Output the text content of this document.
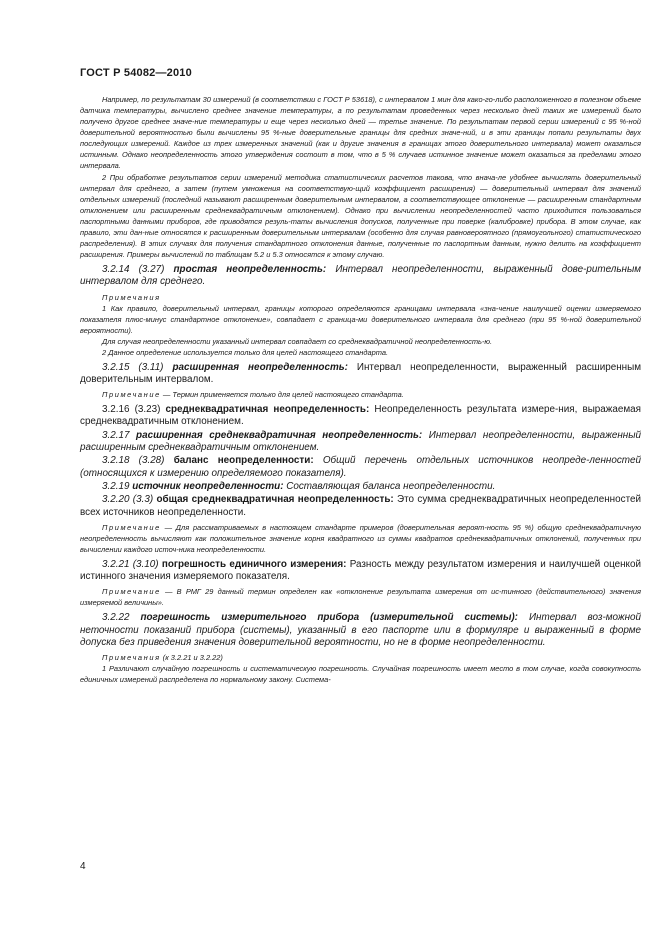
ГОСТ Р 54082—2010

Например, по результатам 30 измерений (в соответствии с ГОСТ Р 53618), с интервалом 1 мин для како-го-либо расположенного в полезном объеме датчика температуры, вычислено среднее значение температуры, а по результатам проведенных через несколько дней таких же измерений было получено другое среднее значе-ние температуры и еще через несколько дней — третье значение. По результатам первой серии измерений с 95 %-ной доверительной вероятностью были вычислены 95 %-ные доверительные границы для средних значе-ний, и в эти границы попали результаты двух последующих измерений. Каждое из трех измеренных значений (как и другие значения в границах этого доверительного интервала) может оказаться истинным. Однако неопределенность этого утверждения состоит в том, что в 5 % случаев истинное значение может оказаться за пределами этого интервала.

2 При обработке результатов серии измерений методика статистических расчетов такова, что внача-ле удобнее вычислять доверительный интервал для среднего, а затем (путем умножения на соответствую-щий коэффициент расширения) — доверительный интервал для значений отдельных измерений (последний называют расширенным доверительным интервалом, а соответствующее отклонение — расширенным стандартным отклонением или расширенным среднеквадратичным отклонением). Однако при вычислении неопределенностей часто приходится пользоваться паспортными данными приборов, где приводятся резуль-таты вычисления допусков, полученные при поверке (калибровке) прибора. В этом случае, как правило, эти дан-ные относятся к расширенным доверительным интервалам (особенно для случая равновероятного (прямоугольного) статистического распределения). В этих случаях для получения стандартного отклонения данные, полученные по паспортным данным, нужно делить на коэффициент расширения. Примеры вычислений по таблицам 5.2 и 5.3 относятся к этому случаю.

3.2.14 (3.27) простая неопределенность: Интервал неопределенности, выраженный дове-рительным интервалом для среднего.

Примечания

1 Как правило, доверительный интервал, границы которого определяются границами интервала «зна-чение наилучшей оценки измеряемого показателя плюс-минус стандартное отклонение», совпадает с граница-ми доверительного интервала для среднего (при 95 %-ной доверительной вероятности).

Для случая неопределенности указанный интервал совпадает со среднеквадратичной неопределенность-ю.

2 Данное определение используется только для целей настоящего стандарта.

3.2.15 (3.11) расширенная неопределенность: Интервал неопределенности, выраженный расширенным доверительным интервалом.

Примечание — Термин применяется только для целей настоящего стандарта.

3.2.16 (3.23) среднеквадратичная неопределенность: Неопределенность результата измере-ния, выражаемая среднеквадратичным отклонением.

3.2.17 расширенная среднеквадратичная неопределенность: Интервал неопределенности, выраженный расширенным среднеквадратичным отклонением.

3.2.18 (3.28) баланс неопределенности: Общий перечень отдельных источников неопреде-ленностей (относящихся к измерению определяемого показателя).

3.2.19 источник неопределенности: Составляющая баланса неопределенности.

3.2.20 (3.3) общая среднеквадратичная неопределенность: Это сумма среднеквадратичных неопределенностей всех источников неопределенности.

Примечание — Для рассматриваемых в настоящем стандарте примеров (доверительная вероят-ность 95 %) общую среднеквадратичную неопределенность вычисляют как положительное значение корня квадратного из суммы квадратов среднеквадратичных отклонений, полученных при вычислении каждого источ-ника неопределенности.

3.2.21 (3.10) погрешность единичного измерения: Разность между результатом измерения и наилучшей оценкой истинного значения измеряемого показателя.

Примечание — В РМГ 29 данный термин определен как «отклонение результата измерения от ис-тинного (действительного) значения измеряемой величины».

3.2.22 погрешность измерительного прибора (измерительной системы): Интервал воз-можной неточности показаний прибора (системы), указанный в его паспорте или в формуляре и выраженный в форме допуска без приведения значения доверительной вероятности, но не в форме неопределенности.

Примечания (к 3.2.21 и 3.2.22)

1 Различают случайную погрешность и систематическую погрешность. Случайная погрешность имеет место в том случае, когда совокупность единичных измерений распределена по нормальному закону. Система-

4
